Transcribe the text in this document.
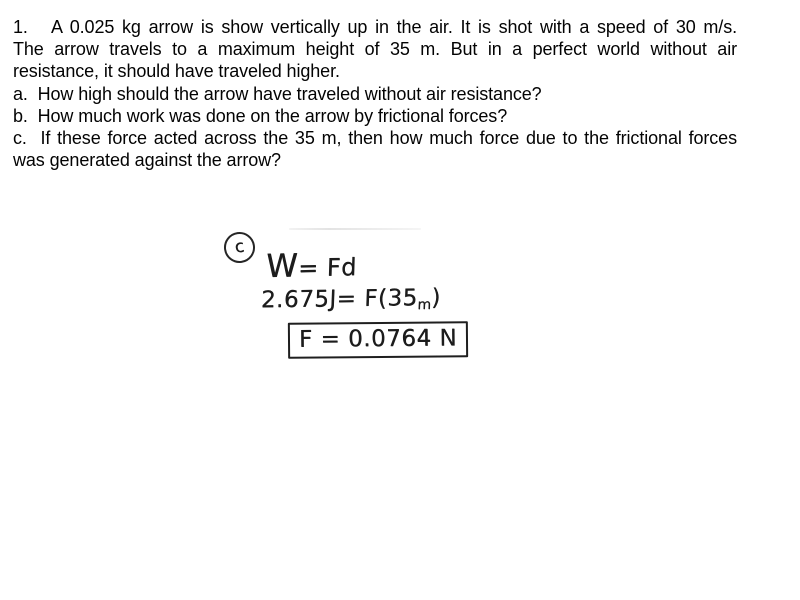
1.   A 0.025 kg arrow is show vertically up in the air. It is shot with a speed of 30 m/s.
The arrow travels to a maximum height of 35 m. But in a perfect world without air
resistance, it should have traveled higher.
a.  How high should the arrow have traveled without air resistance?
b.  How much work was done on the arrow by frictional forces?
c.  If these force acted across the 35 m, then how much force due to the frictional forces
was generated against the arrow?
c W= Fd
2.675J= F(35m)
F = 0.0764 N
